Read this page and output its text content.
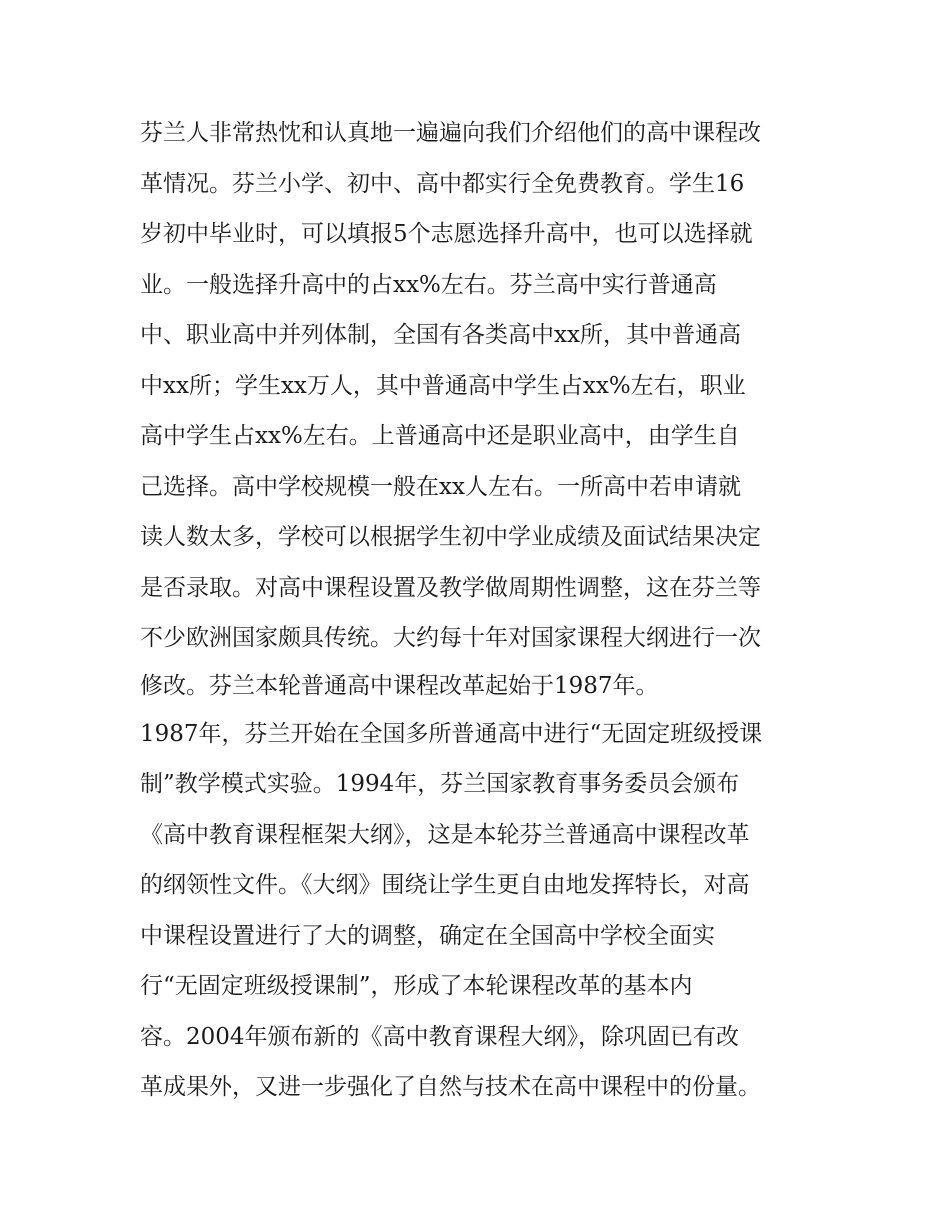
芬兰人非常热忱和认真地一遍遍向我们介绍他们的高中课程改
革情况。芬兰小学、初中、高中都实行全免费教育。学生16
岁初中毕业时，可以填报5个志愿选择升高中，也可以选择就
业。一般选择升高中的占xx%左右。芬兰高中实行普通高
中、职业高中并列体制，全国有各类高中xx所，其中普通高
中xx所；学生xx万人，其中普通高中学生占xx%左右，职业
高中学生占xx%左右。上普通高中还是职业高中，由学生自
己选择。高中学校规模一般在xx人左右。一所高中若申请就
读人数太多，学校可以根据学生初中学业成绩及面试结果决定
是否录取。对高中课程设置及教学做周期性调整，这在芬兰等
不少欧洲国家颇具传统。大约每十年对国家课程大纲进行一次
修改。芬兰本轮普通高中课程改革起始于1987年。
1987年，芬兰开始在全国多所普通高中进行“无固定班级授课
制”教学模式实验。1994年，芬兰国家教育事务委员会颁布
《高中教育课程框架大纲》，这是本轮芬兰普通高中课程改革
的纲领性文件。《大纲》围绕让学生更自由地发挥特长，对高
中课程设置进行了大的调整，确定在全国高中学校全面实
行“无固定班级授课制”，形成了本轮课程改革的基本内
容。2004年颁布新的《高中教育课程大纲》，除巩固已有改
革成果外，又进一步强化了自然与技术在高中课程中的份量。
